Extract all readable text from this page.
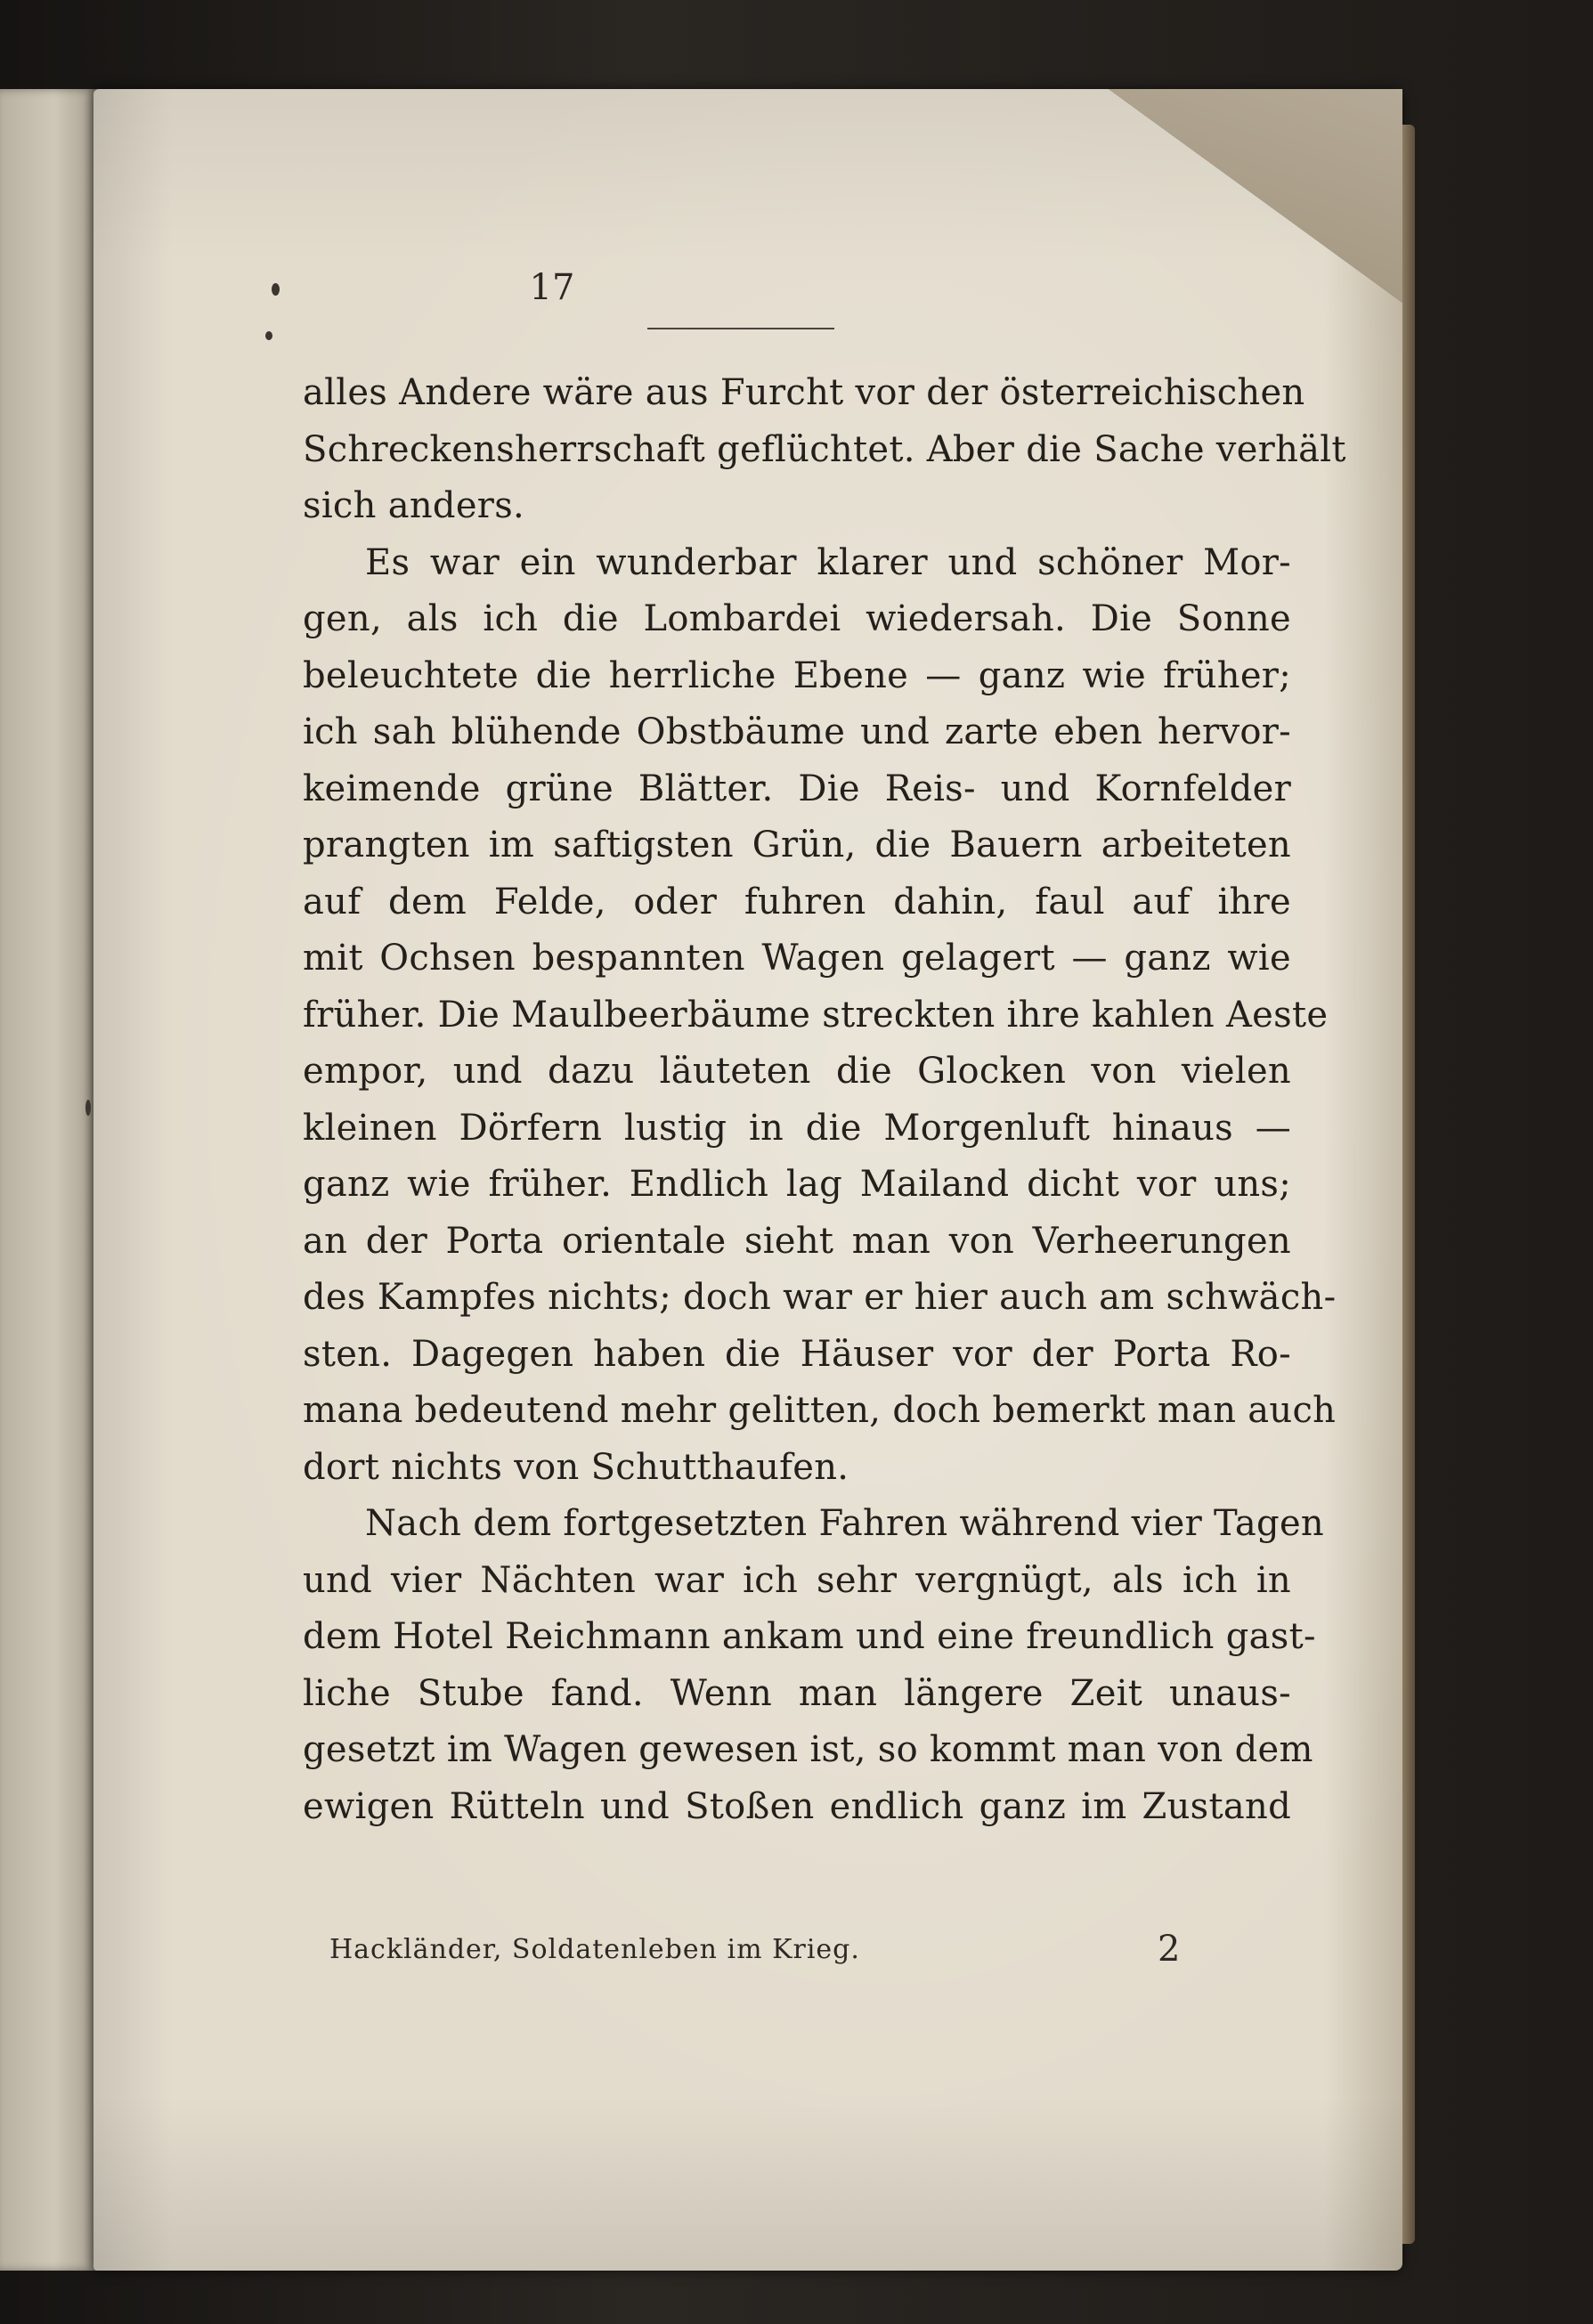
17
alles Andere wäre aus Furcht vor der österreichischen
Schreckensherrschaft geflüchtet. Aber die Sache verhält
sich anders.
Es war ein wunderbar klarer und schöner Mor-
gen, als ich die Lombardei wiedersah. Die Sonne
beleuchtete die herrliche Ebene — ganz wie früher;
ich sah blühende Obstbäume und zarte eben hervor-
keimende grüne Blätter. Die Reis- und Kornfelder
prangten im saftigsten Grün, die Bauern arbeiteten
auf dem Felde, oder fuhren dahin, faul auf ihre
mit Ochsen bespannten Wagen gelagert — ganz wie
früher. Die Maulbeerbäume streckten ihre kahlen Aeste
empor, und dazu läuteten die Glocken von vielen
kleinen Dörfern lustig in die Morgenluft hinaus —
ganz wie früher. Endlich lag Mailand dicht vor uns;
an der Porta orientale sieht man von Verheerungen
des Kampfes nichts; doch war er hier auch am schwäch-
sten. Dagegen haben die Häuser vor der Porta Ro-
mana bedeutend mehr gelitten, doch bemerkt man auch
dort nichts von Schutthaufen.
Nach dem fortgesetzten Fahren während vier Tagen
und vier Nächten war ich sehr vergnügt, als ich in
dem Hotel Reichmann ankam und eine freundlich gast-
liche Stube fand. Wenn man längere Zeit unaus-
gesetzt im Wagen gewesen ist, so kommt man von dem
ewigen Rütteln und Stoßen endlich ganz im Zustand
Hackländer, Soldatenleben im Krieg.	2
